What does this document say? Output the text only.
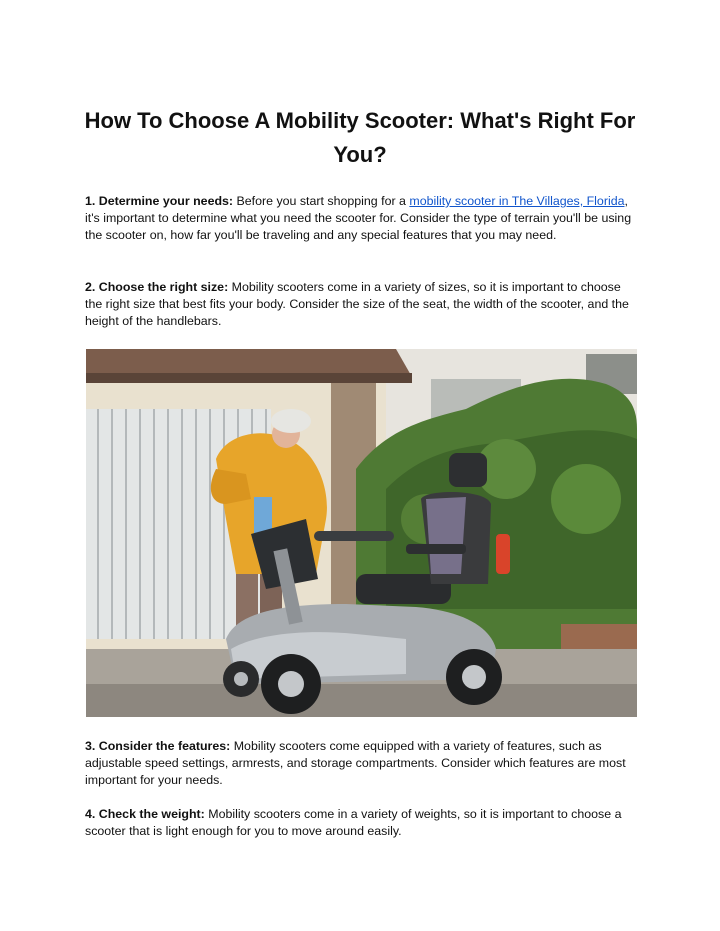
How To Choose A Mobility Scooter: What's Right For You?

1. Determine your needs: Before you start shopping for a mobility scooter in The Villages, Florida, it's important to determine what you need the scooter for. Consider the type of terrain you'll be using the scooter on, how far you'll be traveling and any special features that you may need.

2. Choose the right size: Mobility scooters come in a variety of sizes, so it is important to choose the right size that best fits your body. Consider the size of the seat, the width of the scooter, and the height of the handlebars.

3. Consider the features: Mobility scooters come equipped with a variety of features, such as adjustable speed settings, armrests, and storage compartments. Consider which features are most important for your needs.

4. Check the weight: Mobility scooters come in a variety of weights, so it is important to choose a scooter that is light enough for you to move around easily.
